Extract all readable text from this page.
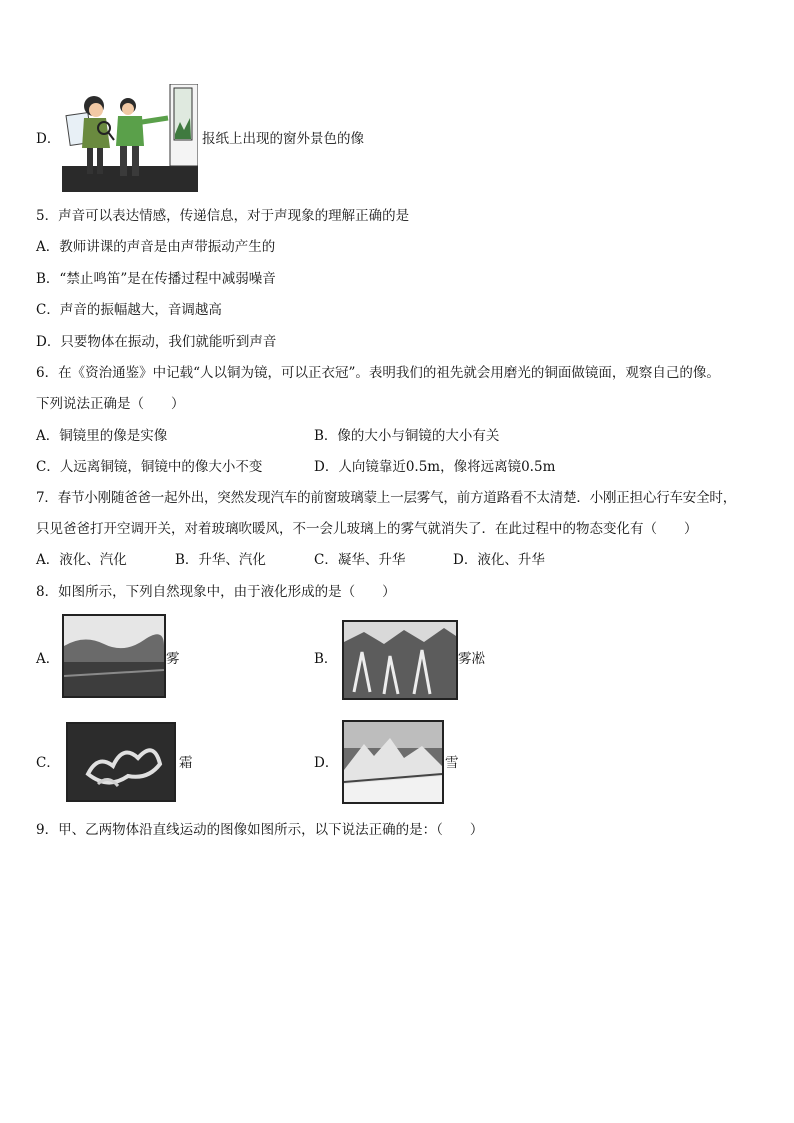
D．	报纸上出现的窗外景色的像
5．声音可以表达情感，传递信息，对于声现象的理解正确的是
A．教师讲课的声音是由声带振动产生的
B．“禁止鸣笛”是在传播过程中减弱噪音
C．声音的振幅越大，音调越高
D．只要物体在振动，我们就能听到声音
6．在《资治通鉴》中记载“人以铜为镜，可以正衣冠”。表明我们的祖先就会用磨光的铜面做镜面，观察自己的像。
下列说法正确是（　　）
A．铜镜里的像是实像	B．像的大小与铜镜的大小有关
C．人远离铜镜，铜镜中的像大小不变	D．人向镜靠近0.5m，像将远离镜0.5m
7．春节小刚随爸爸一起外出，突然发现汽车的前窗玻璃蒙上一层雾气，前方道路看不太清楚．小刚正担心行车安全时，
只见爸爸打开空调开关，对着玻璃吹暖风，不一会儿玻璃上的雾气就消失了．在此过程中的物态变化有（　　）
A．液化、汽化	B．升华、汽化	C．凝华、升华	D．液化、升华
8．如图所示，下列自然现象中，由于液化形成的是（　　）
A．	雾	B．	雾凇
C．	霜	D．	雪
9．甲、乙两物体沿直线运动的图像如图所示，以下说法正确的是：（　　）
